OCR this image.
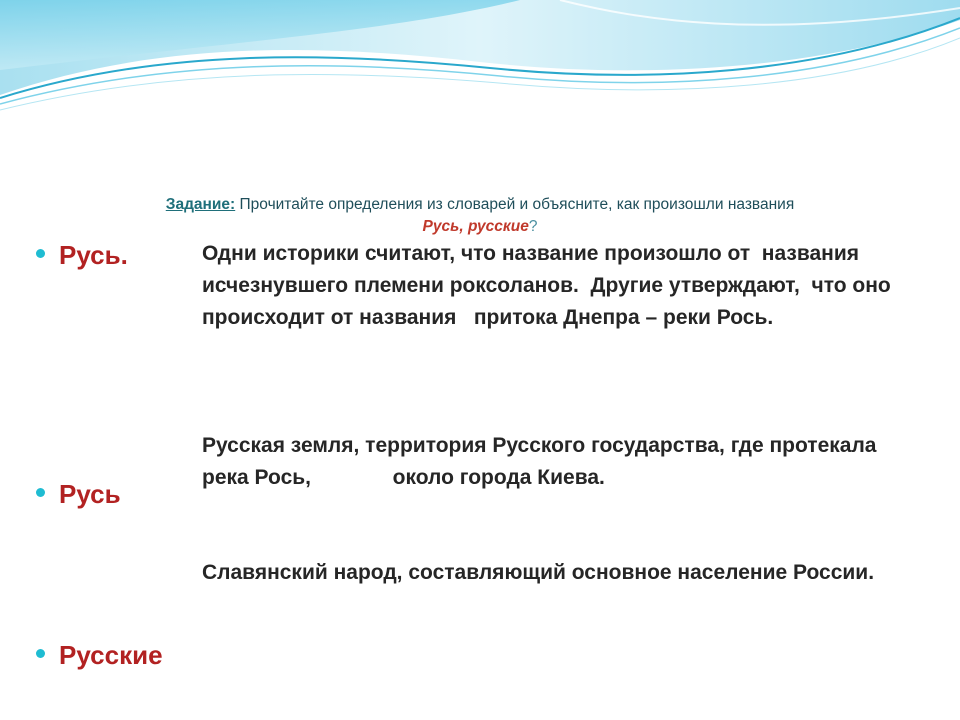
Задание: Прочитайте определения из словарей и объясните, как произошли названия
Русь, русские?
Русь.	Одни историки считают, что название произошло от  названия исчезнувшего племени роксоланов.  Другие утверждают,  что оно происходит от названия   притока Днепра – реки Рось.
Русь
Русская земля, территория Русского государства, где протекала река Рось,              около города Киева.
Русские
Славянский народ, составляющий основное население России.
